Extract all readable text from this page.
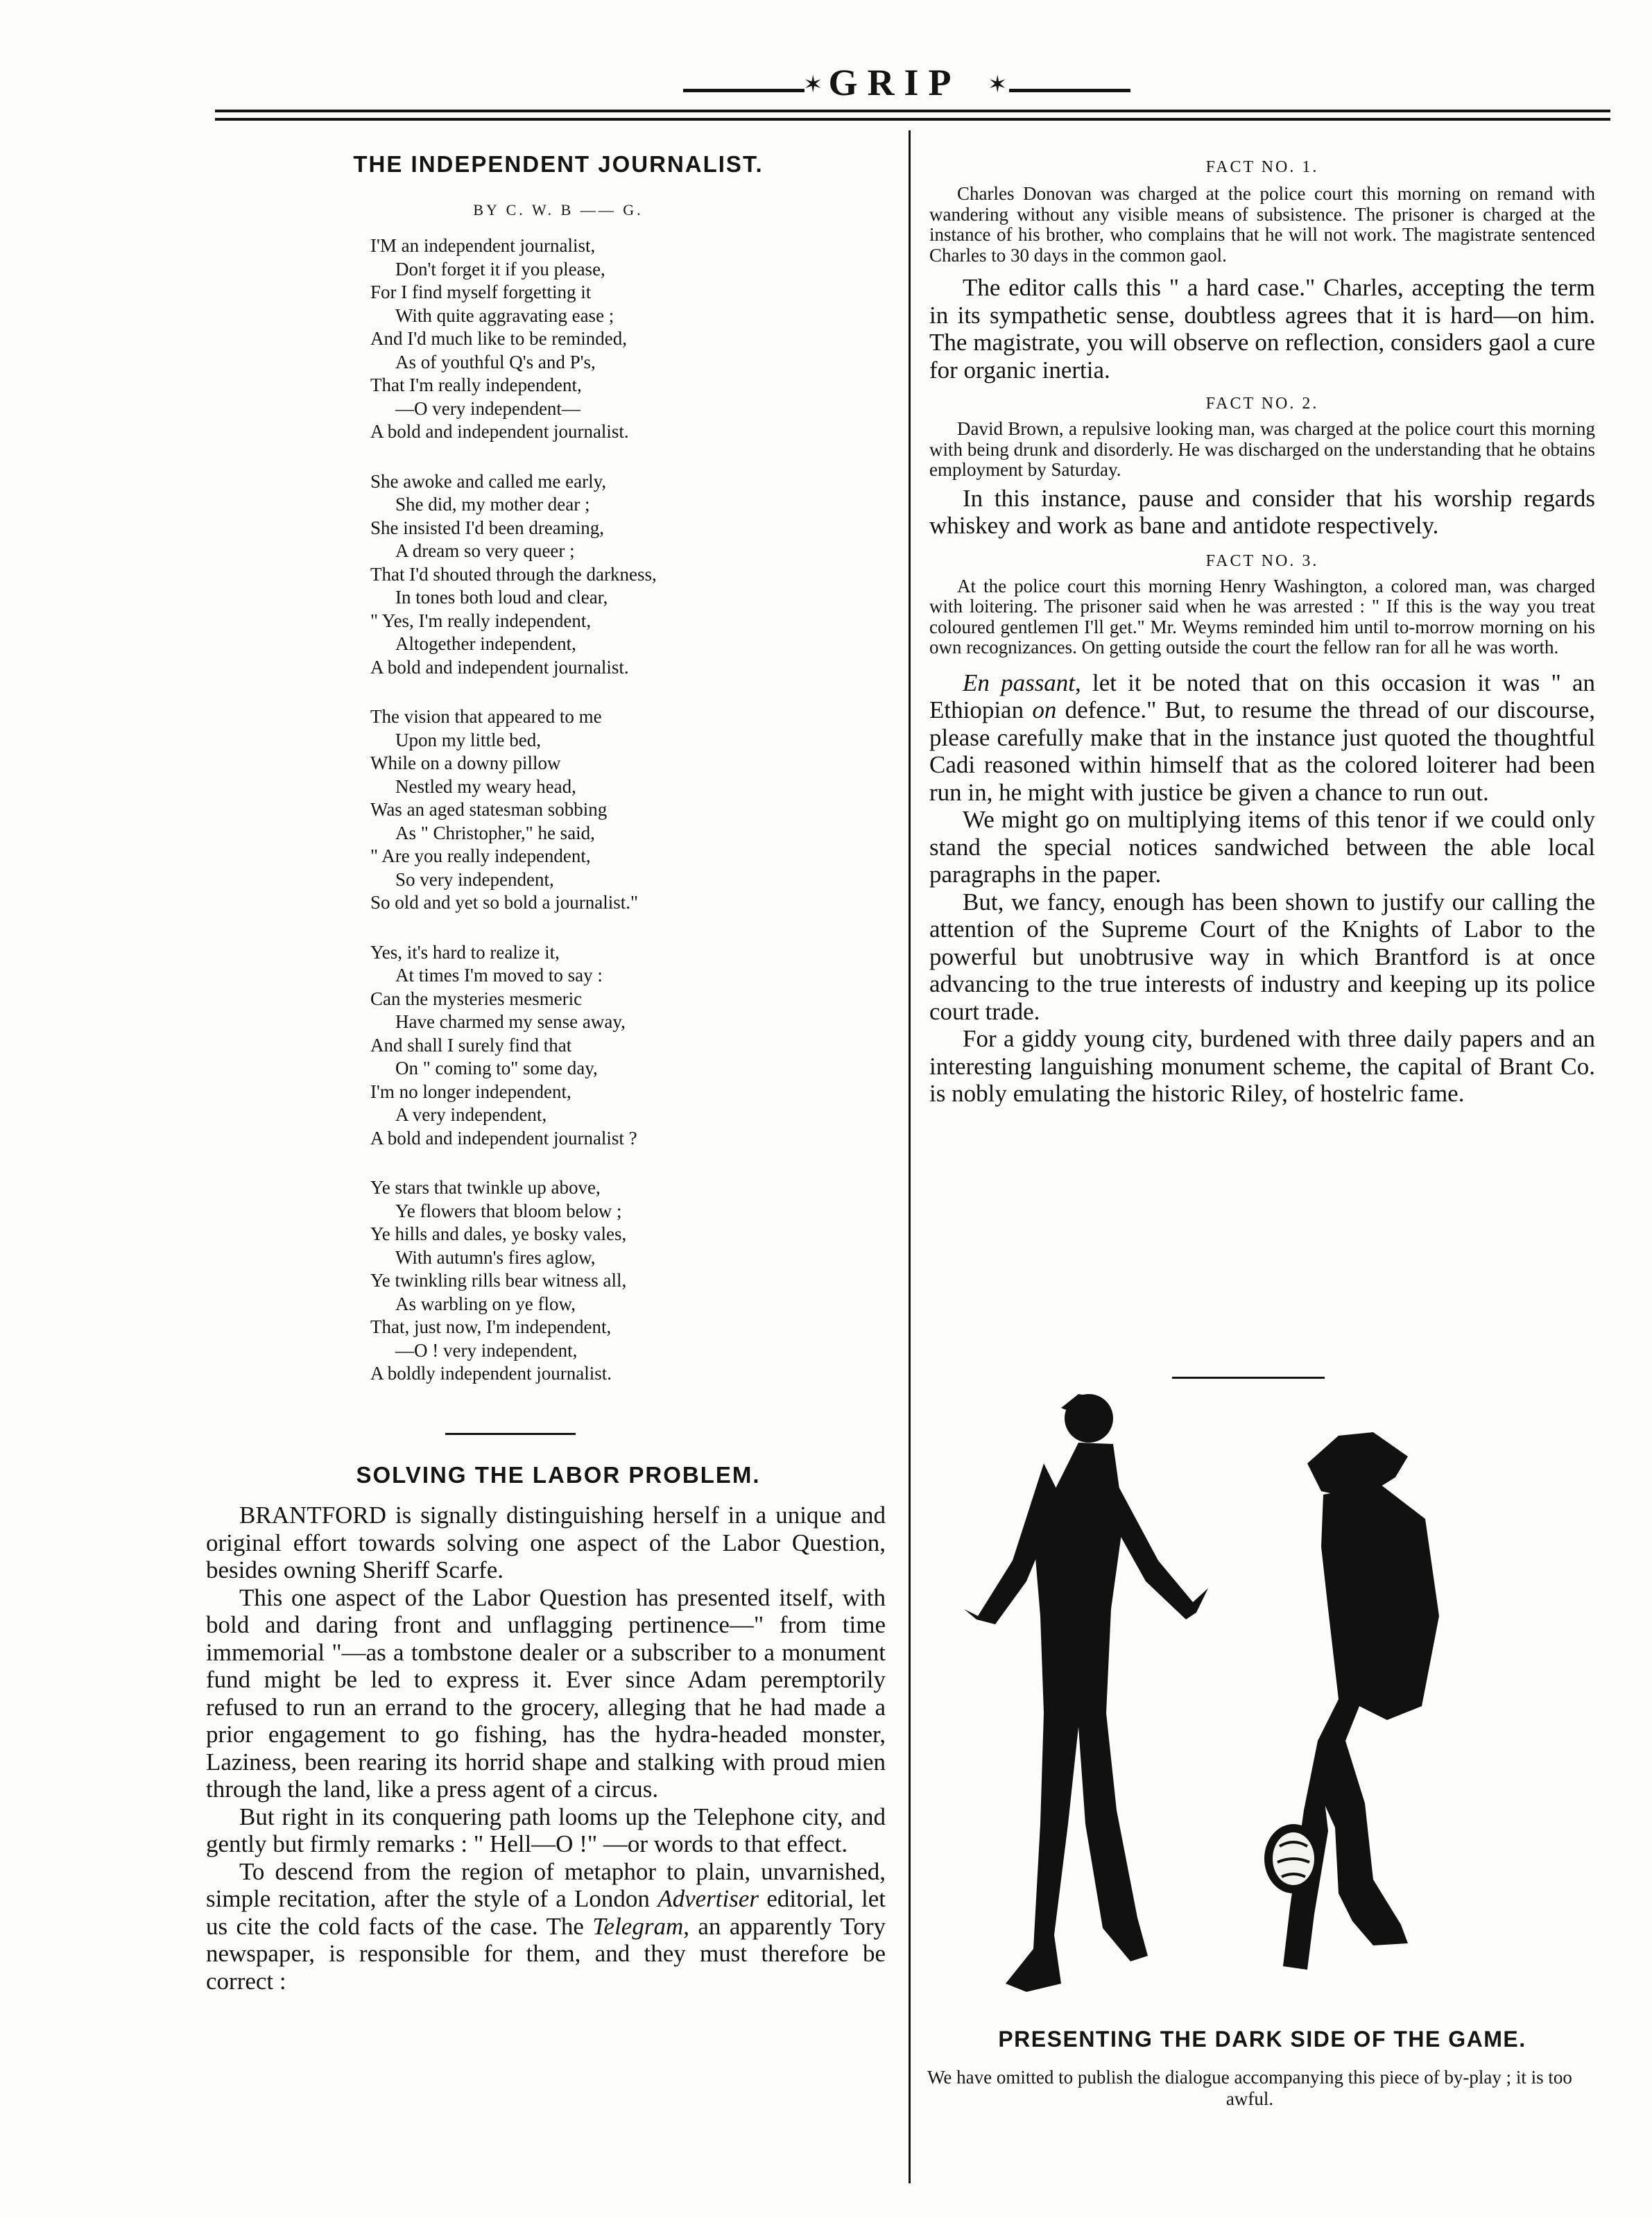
✶ GRIP	✶
THE INDEPENDENT JOURNALIST.
BY C. W. B —— G.
I'M an independent journalist,
Don't forget it if you please,
For I find myself forgetting it
With quite aggravating ease ;
And I'd much like to be reminded,
As of youthful Q's and P's,
That I'm really independent,
—O very independent—
A bold and independent journalist.
She awoke and called me early,
She did, my mother dear ;
She insisted I'd been dreaming,
A dream so very queer ;
That I'd shouted through the darkness,
In tones both loud and clear,
" Yes, I'm really independent,
Altogether independent,
A bold and independent journalist.
The vision that appeared to me
Upon my little bed,
While on a downy pillow
Nestled my weary head,
Was an aged statesman sobbing
As " Christopher," he said,
" Are you really independent,
So very independent,
So old and yet so bold a journalist."
Yes, it's hard to realize it,
At times I'm moved to say :
Can the mysteries mesmeric
Have charmed my sense away,
And shall I surely find that
On " coming to" some day,
I'm no longer independent,
A very independent,
A bold and independent journalist ?
Ye stars that twinkle up above,
Ye flowers that bloom below ;
Ye hills and dales, ye bosky vales,
With autumn's fires aglow,
Ye twinkling rills bear witness all,
As warbling on ye flow,
That, just now, I'm independent,
—O ! very independent,
A boldly independent journalist.
SOLVING THE LABOR PROBLEM.

BRANTFORD is signally distinguishing herself in a unique and original effort towards solving one aspect of the Labor Question, besides owning Sheriff Scarfe.

This one aspect of the Labor Question has presented itself, with bold and daring front and unflagging pertinence—" from time immemorial "—as a tombstone dealer or a subscriber to a monument fund might be led to express it. Ever since Adam peremptorily refused to run an errand to the grocery, alleging that he had made a prior engagement to go fishing, has the hydra-headed monster, Laziness, been rearing its horrid shape and stalking with proud mien through the land, like a press agent of a circus.

But right in its conquering path looms up the Telephone city, and gently but firmly remarks : " Hell—O !" —or words to that effect.

To descend from the region of metaphor to plain, unvarnished, simple recitation, after the style of a London Advertiser editorial, let us cite the cold facts of the case. The Telegram, an apparently Tory newspaper, is responsible for them, and they must therefore be correct :

FACT NO. 1.

Charles Donovan was charged at the police court this morning on remand with wandering without any visible means of subsistence. The prisoner is charged at the instance of his brother, who complains that he will not work. The magistrate sentenced Charles to 30 days in the common gaol.

The editor calls this " a hard case." Charles, accepting the term in its sympathetic sense, doubtless agrees that it is hard—on him. The magistrate, you will observe on reflection, considers gaol a cure for organic inertia.

FACT NO. 2.

David Brown, a repulsive looking man, was charged at the police court this morning with being drunk and disorderly. He was discharged on the understanding that he obtains employment by Saturday.

In this instance, pause and consider that his worship regards whiskey and work as bane and antidote respectively.

FACT NO. 3.

At the police court this morning Henry Washington, a colored man, was charged with loitering. The prisoner said when he was arrested : " If this is the way you treat coloured gentlemen I'll get." Mr. Weyms reminded him until to-morrow morning on his own recognizances. On getting outside the court the fellow ran for all he was worth.

En passant, let it be noted that on this occasion it was " an Ethiopian on defence." But, to resume the thread of our discourse, please carefully make that in the instance just quoted the thoughtful Cadi reasoned within himself that as the colored loiterer had been run in, he might with justice be given a chance to run out.

We might go on multiplying items of this tenor if we could only stand the special notices sandwiched between the able local paragraphs in the paper.

But, we fancy, enough has been shown to justify our calling the attention of the Supreme Court of the Knights of Labor to the powerful but unobtrusive way in which Brantford is at once advancing to the true interests of industry and keeping up its police court trade.

For a giddy young city, burdened with three daily papers and an interesting languishing monument scheme, the capital of Brant Co. is nobly emulating the historic Riley, of hostelric fame.

PRESENTING THE DARK SIDE OF THE GAME.
We have omitted to publish the dialogue accompanying this piece of by-play ; it is too awful.
